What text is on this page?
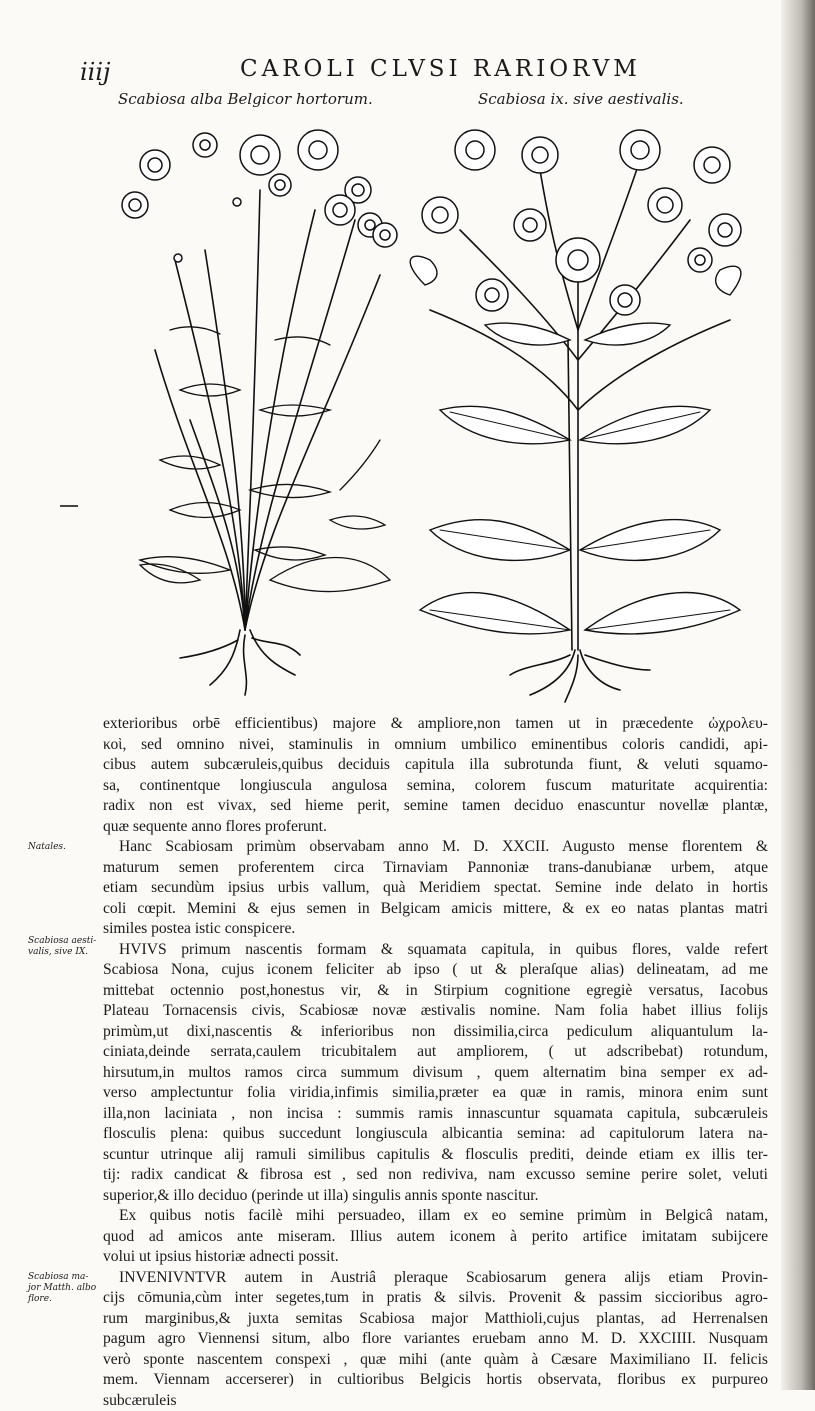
iiij	CAROLI CLVSI RARIORVM
Scabiosa alba Belgicor hortorum.	Scabiosa ix. sive aestivalis.
Natales.
Scabiosa aesti-valis, sive IX.
Scabiosa ma-jor Matth. albo flore.
exterioribus orbē efficientibus) majore & ampliore,non tamen ut in præcedente ὠχρολευ-
κοὶ, sed omnino nivei, staminulis in omnium umbilico eminentibus coloris candidi, api-
cibus autem subcæruleis,quibus deciduis capitula illa subrotunda fiunt, & veluti squamo-
sa, continentque longiuscula angulosa semina, colorem fuscum maturitate acquirentia:
radix non est vivax, sed hieme perit, semine tamen deciduo enascuntur novellæ plantæ,
quæ sequente anno flores proferunt.
Hanc Scabiosam primùm observabam anno M. D. XXCII. Augusto mense florentem &
maturum semen proferentem circa Tirnaviam Pannoniæ trans-danubianæ urbem, atque
etiam secundùm ipsius urbis vallum, quà Meridiem spectat. Semine inde delato in hortis
coli cœpit. Memini & ejus semen in Belgicam amicis mittere, & ex eo natas plantas matri
similes postea istic conspicere.
HVIVS primum nascentis formam & squamata capitula, in quibus flores, valde refert
Scabiosa Nona, cujus iconem feliciter ab ipso ( ut & pleraſque alias) delineatam, ad me
mittebat octennio post,honestus vir, & in Stirpium cognitione egregiè versatus, Iacobus
Plateau Tornacensis civis, Scabiosæ novæ æstivalis nomine. Nam folia habet illius folijs
primùm,ut dixi,nascentis & inferioribus non dissimilia,circa pediculum aliquantulum la-
ciniata,deinde serrata,caulem tricubitalem aut ampliorem, ( ut adscribebat) rotundum,
hirsutum,in multos ramos circa summum divisum , quem alternatim bina semper ex ad-
verso amplectuntur folia viridia,infimis similia,præter ea quæ in ramis, minora enim sunt
illa,non laciniata , non incisa : summis ramis innascuntur squamata capitula, subcæruleis
flosculis plena: quibus succedunt longiuscula albicantia semina: ad capitulorum latera na-
scuntur utrinque alij ramuli similibus capitulis & flosculis prediti, deinde etiam ex illis ter-
tij: radix candicat & fibrosa est , sed non rediviva, nam excusso semine perire solet, veluti
superior,& illo deciduo (perinde ut illa) singulis annis sponte nascitur.
Ex quibus notis facilè mihi persuadeo, illam ex eo semine primùm in Belgicâ natam,
quod ad amicos ante miseram. Illius autem iconem à perito artifice imitatam subijcere
volui ut ipsius historiæ adnecti possit.
INVENIVNTVR autem in Austriâ pleraque Scabiosarum genera alijs etiam Provin-
cijs cōmunia,cùm inter segetes,tum in pratis & silvis. Provenit & passim siccioribus agro-
rum marginibus,& juxta semitas Scabiosa major Matthioli,cujus plantas, ad Herrenalsen
pagum agro Viennensi situm, albo flore variantes eruebam anno M. D. XXCIIII. Nusquam
verò sponte nascentem conspexi , quæ mihi (ante quàm à Cæsare Maximiliano II. felicis
mem. Viennam accerserer) in cultioribus Belgicis hortis observata, floribus ex purpureo
subcæruleis
